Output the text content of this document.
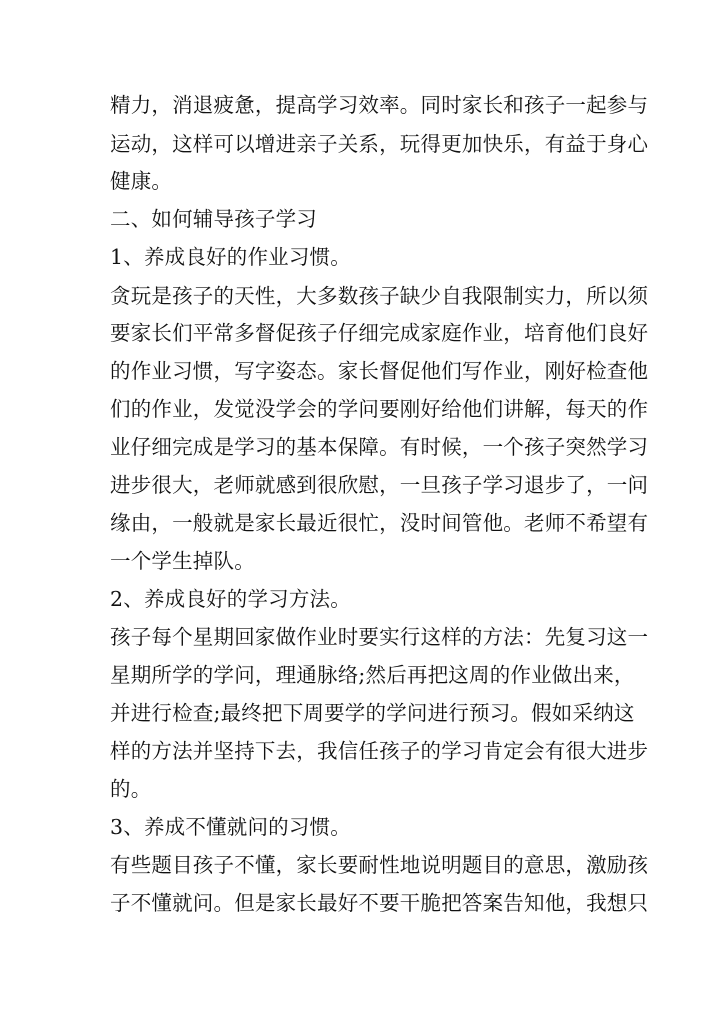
精力，消退疲惫，提高学习效率。同时家长和孩子一起参与
运动，这样可以增进亲子关系，玩得更加快乐，有益于身心
健康。
二、如何辅导孩子学习
1、养成良好的作业习惯。
贪玩是孩子的天性，大多数孩子缺少自我限制实力，所以须
要家长们平常多督促孩子仔细完成家庭作业，培育他们良好
的作业习惯，写字姿态。家长督促他们写作业，刚好检查他
们的作业，发觉没学会的学问要刚好给他们讲解，每天的作
业仔细完成是学习的基本保障。有时候，一个孩子突然学习
进步很大，老师就感到很欣慰，一旦孩子学习退步了，一问
缘由，一般就是家长最近很忙，没时间管他。老师不希望有
一个学生掉队。
2、养成良好的学习方法。
孩子每个星期回家做作业时要实行这样的方法：先复习这一
星期所学的学问，理通脉络;然后再把这周的作业做出来，
并进行检查;最终把下周要学的学问进行预习。假如采纳这
样的方法并坚持下去，我信任孩子的学习肯定会有很大进步
的。
3、养成不懂就问的习惯。
有些题目孩子不懂，家长要耐性地说明题目的意思，激励孩
子不懂就问。但是家长最好不要干脆把答案告知他，我想只
